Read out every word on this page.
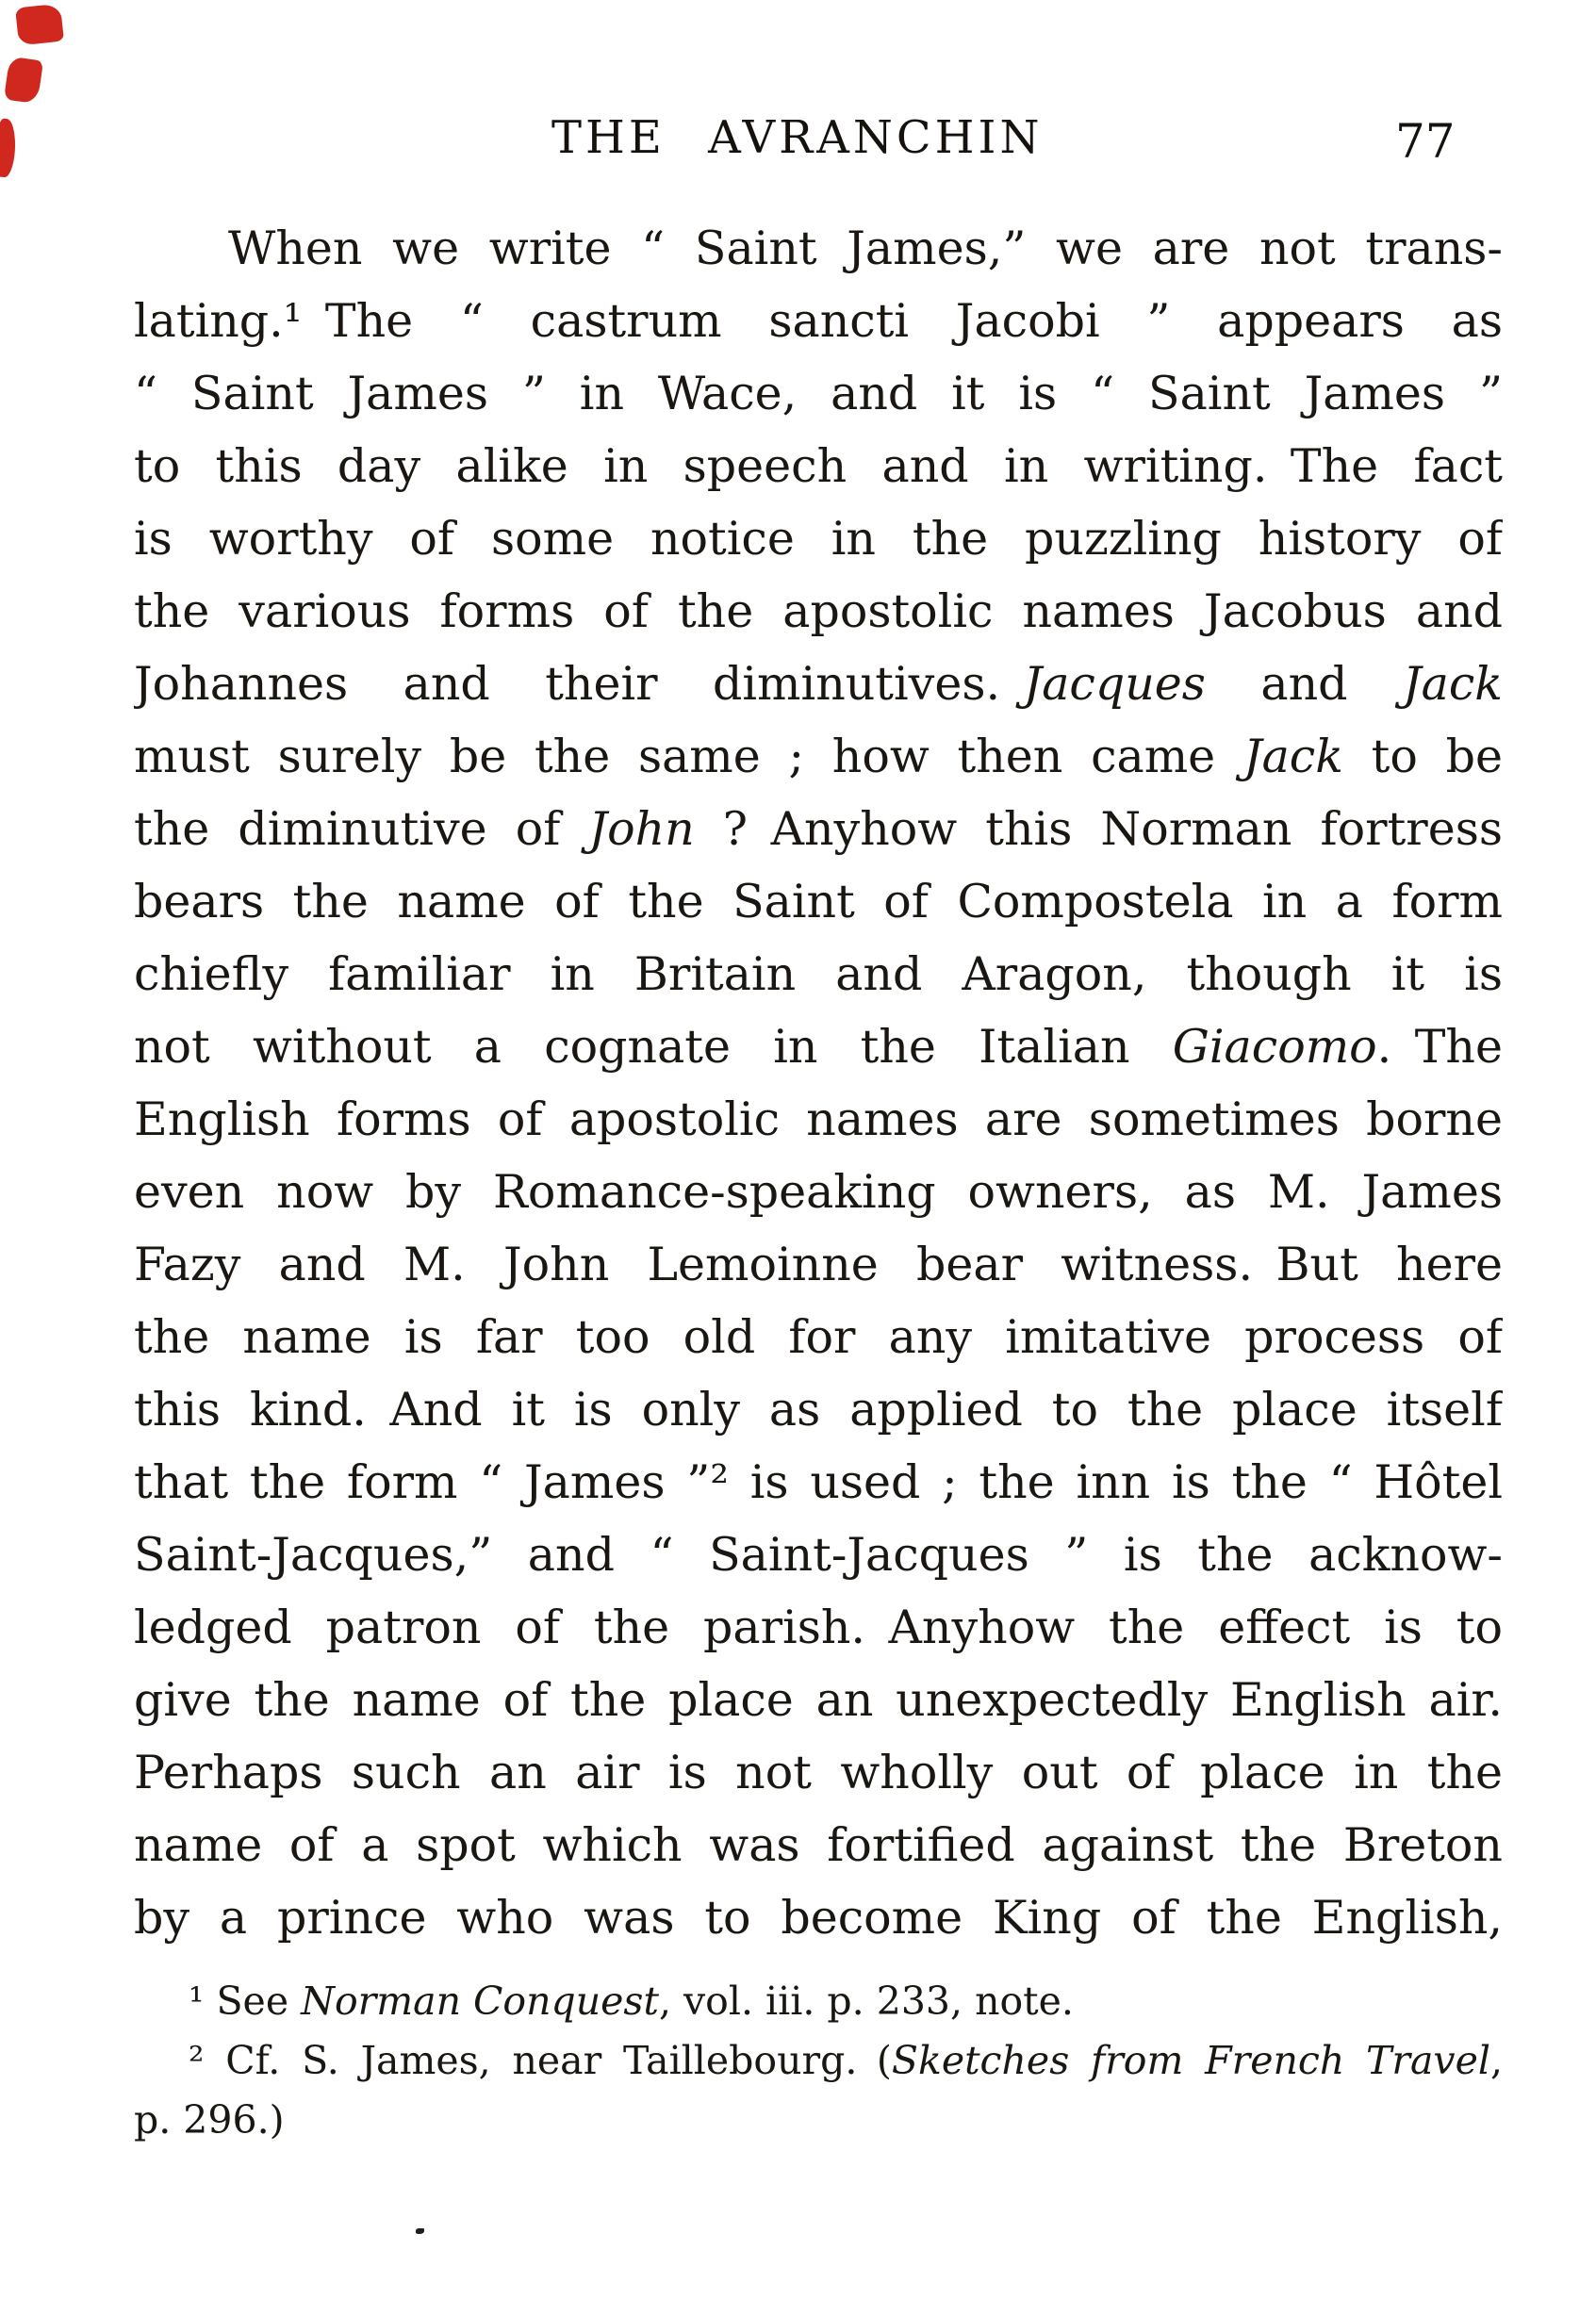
THE AVRANCHIN	77
When we write “ Saint James,” we are not trans-
lating.¹ The “ castrum sancti Jacobi ” appears as
“ Saint James ” in Wace, and it is “ Saint James ”
to this day alike in speech and in writing. The fact
is worthy of some notice in the puzzling history of
the various forms of the apostolic names Jacobus and
Johannes and their diminutives. Jacques and Jack
must surely be the same ; how then came Jack to be
the diminutive of John ? Anyhow this Norman fortress
bears the name of the Saint of Compostela in a form
chiefly familiar in Britain and Aragon, though it is
not without a cognate in the Italian Giacomo. The
English forms of apostolic names are sometimes borne
even now by Romance-speaking owners, as M. James
Fazy and M. John Lemoinne bear witness. But here
the name is far too old for any imitative process of
this kind. And it is only as applied to the place itself
that the form “ James ”² is used ; the inn is the “ Hôtel
Saint-Jacques,” and “ Saint-Jacques ” is the acknow-
ledged patron of the parish. Anyhow the effect is to
give the name of the place an unexpectedly English air.
Perhaps such an air is not wholly out of place in the
name of a spot which was fortified against the Breton
by a prince who was to become King of the English,
¹ See Norman Conquest, vol. iii. p. 233, note.
² Cf. S. James, near Taillebourg. (Sketches from French Travel,
p. 296.)
